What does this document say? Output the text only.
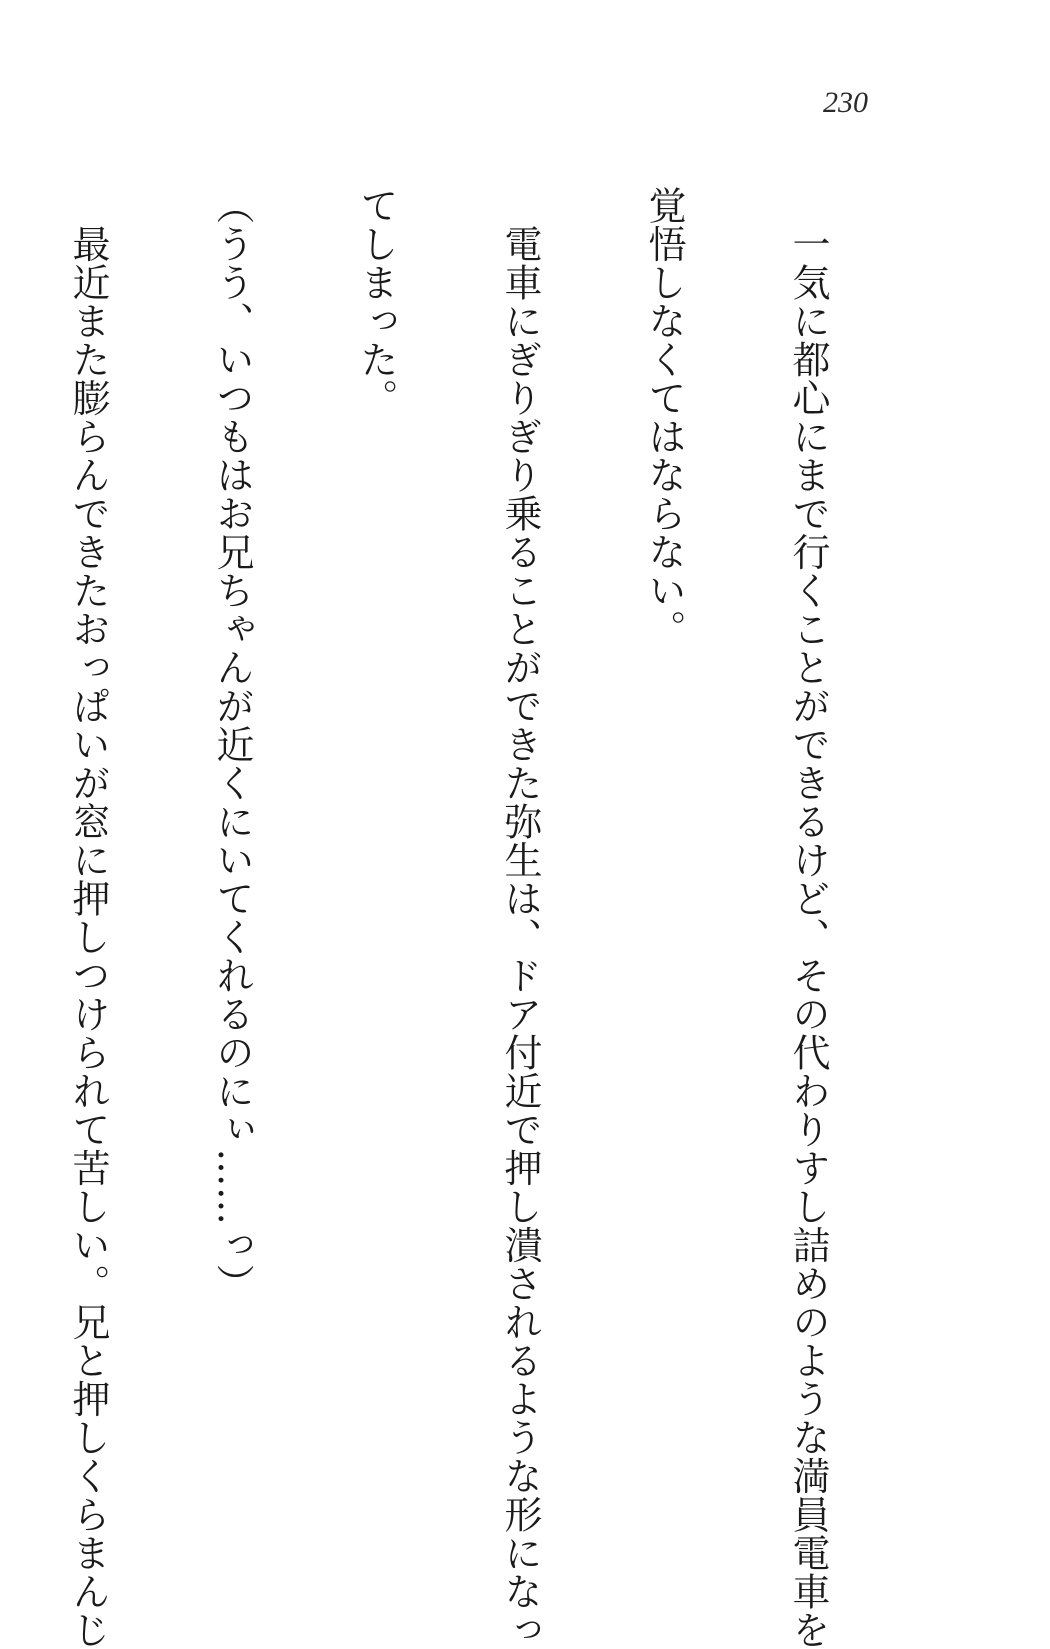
230

　一気に都心にまで行くことができるけど、その代わりすし詰めのような満員電車を

覚悟しなくてはならない。

　電車にぎりぎり乗ることができた弥生は、ドア付近で押し潰されるような形になっ

てしまった。

（うう、いつもはお兄ちゃんが近くにいてくれるのにぃ……っ）

　最近また膨らんできたおっぱいが窓に押しつけられて苦しい。兄と押しくらまんじ
